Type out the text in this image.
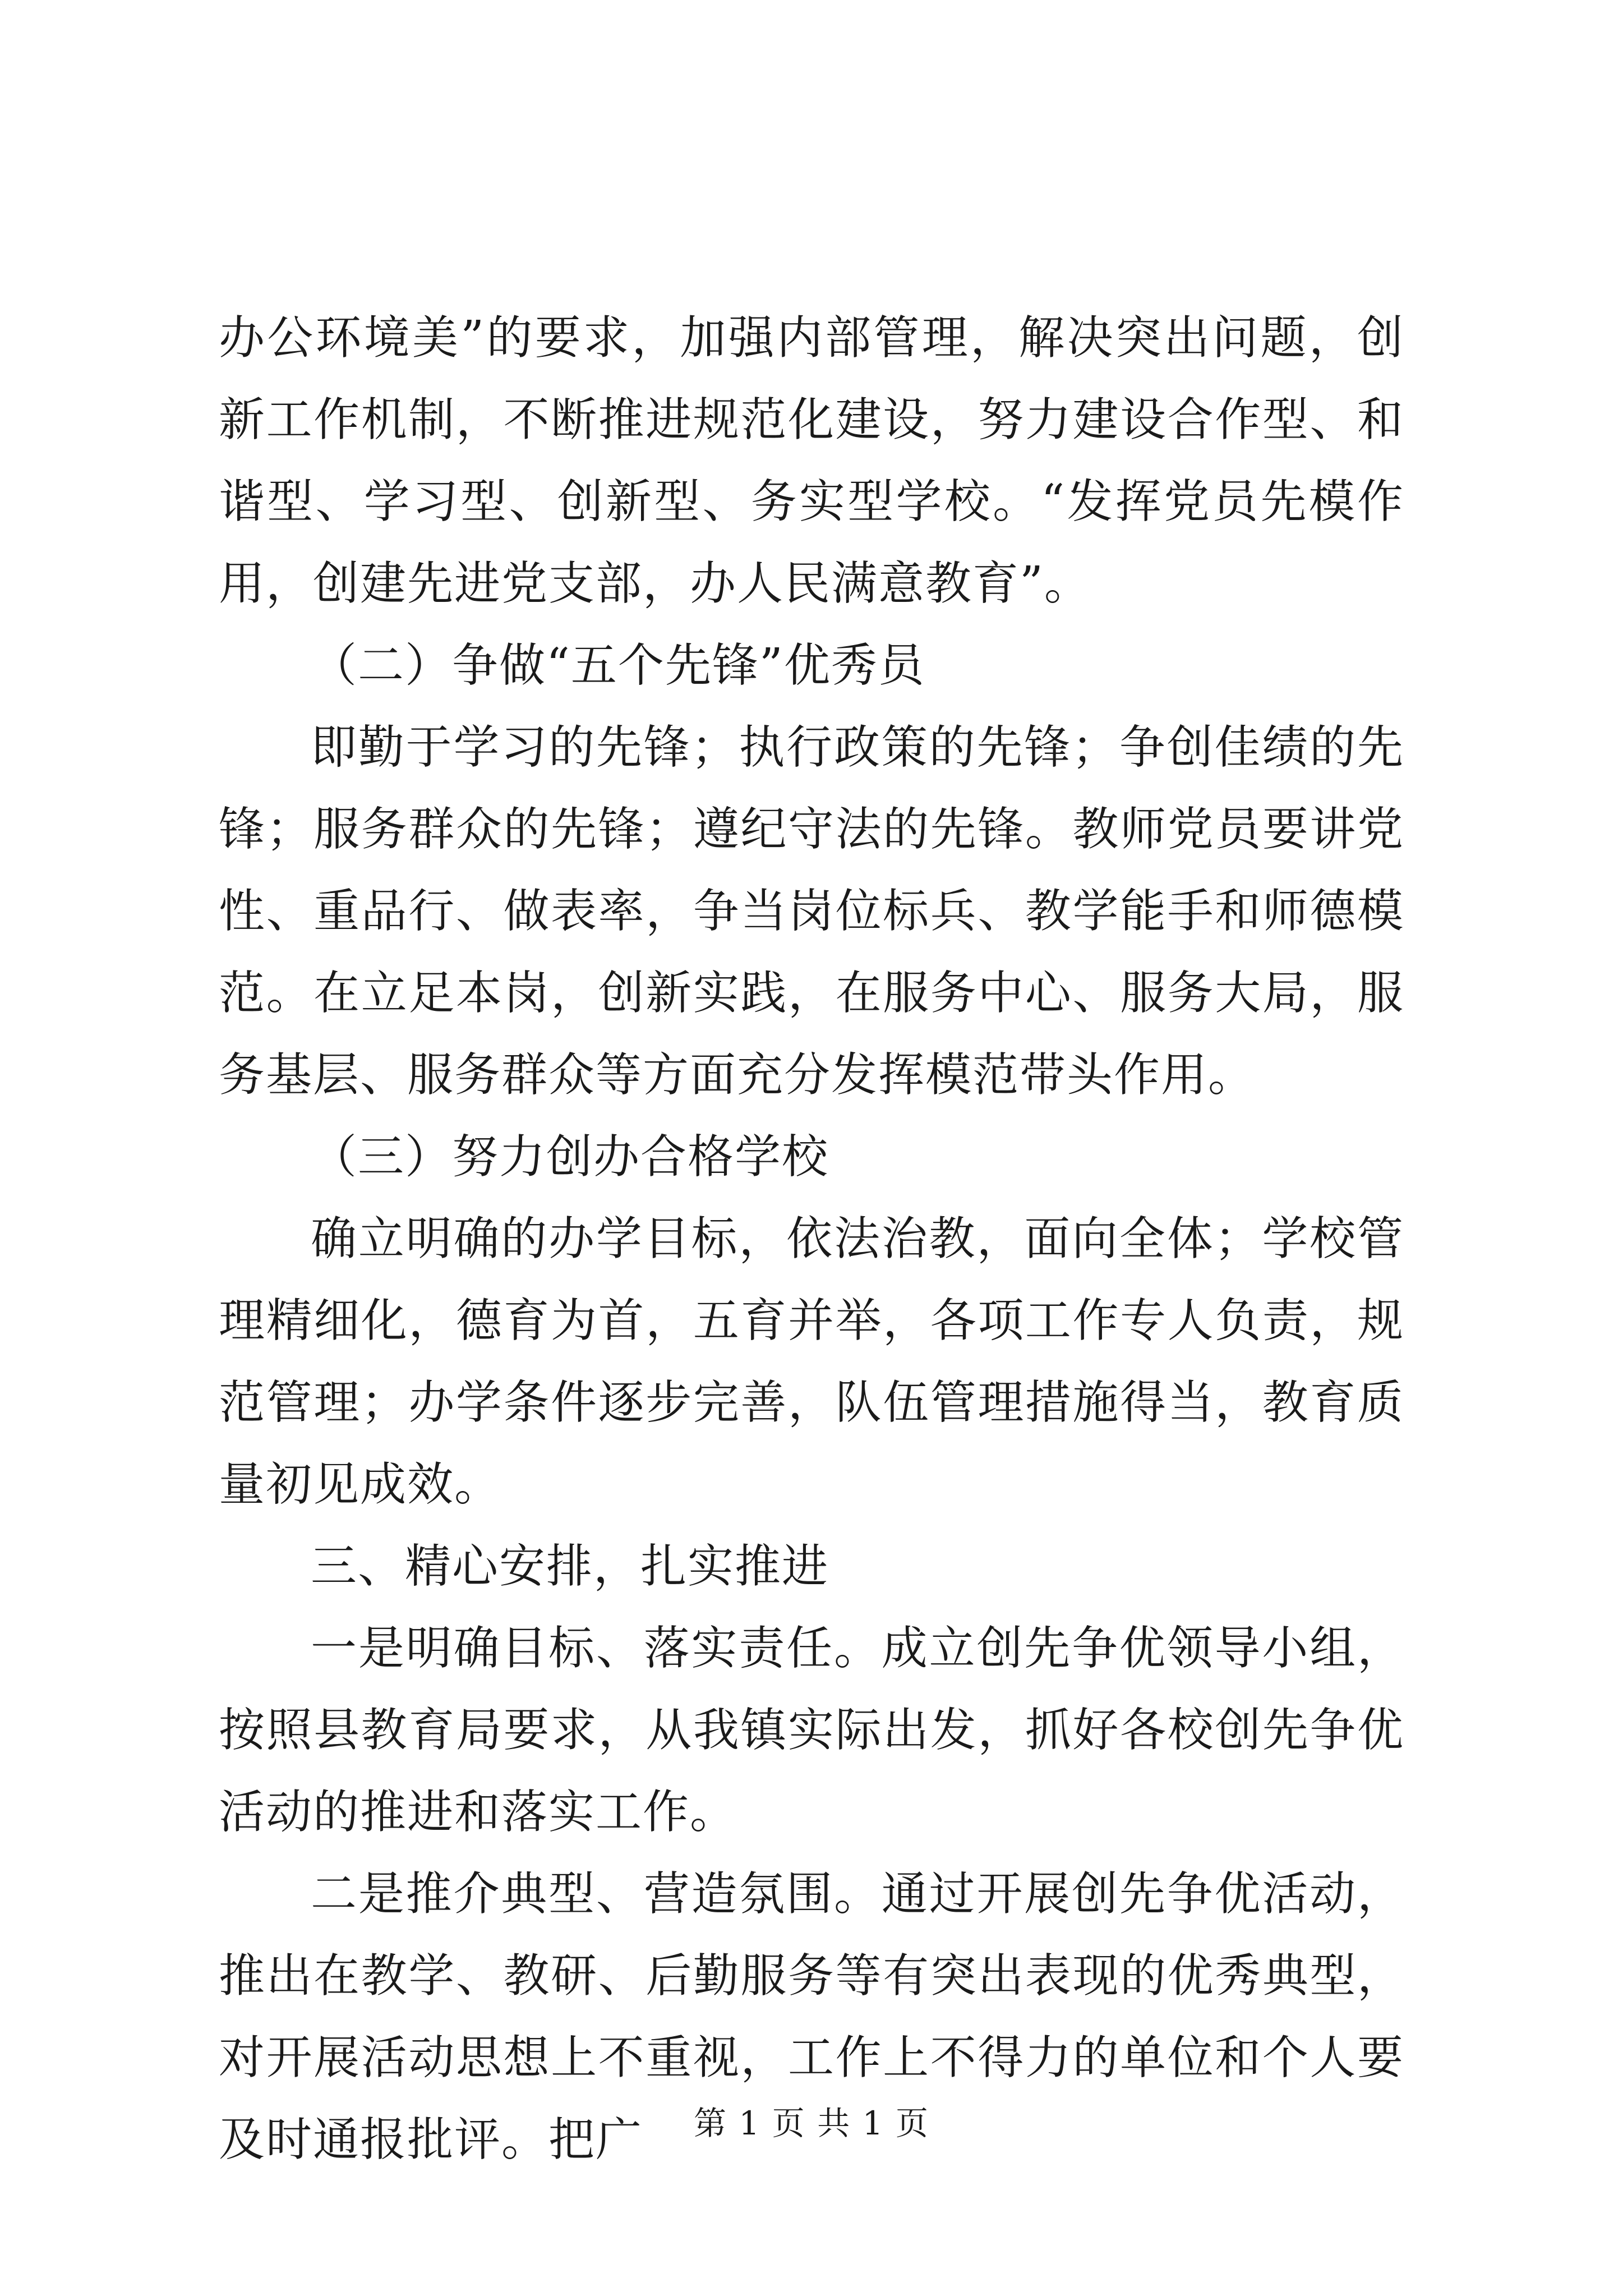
办公环境美”的要求，加强内部管理，解决突出问题，创新工作机制，不断推进规范化建设，努力建设合作型、和谐型、学习型、创新型、务实型学校。“发挥党员先模作用，创建先进党支部，办人民满意教育”。

（二）争做“五个先锋”优秀员

即勤于学习的先锋；执行政策的先锋；争创佳绩的先锋；服务群众的先锋；遵纪守法的先锋。教师党员要讲党性、重品行、做表率，争当岗位标兵、教学能手和师德模范。在立足本岗，创新实践，在服务中心、服务大局，服务基层、服务群众等方面充分发挥模范带头作用。

（三）努力创办合格学校

确立明确的办学目标，依法治教，面向全体；学校管理精细化，德育为首，五育并举，各项工作专人负责，规范管理；办学条件逐步完善，队伍管理措施得当，教育质量初见成效。

三、精心安排，扎实推进

一是明确目标、落实责任。成立创先争优领导小组，按照县教育局要求，从我镇实际出发，抓好各校创先争优活动的推进和落实工作。

二是推介典型、营造氛围。通过开展创先争优活动，推出在教学、教研、后勤服务等有突出表现的优秀典型，对开展活动思想上不重视，工作上不得力的单位和个人要及时通报批评。把广	第 1 页 共 1 页
